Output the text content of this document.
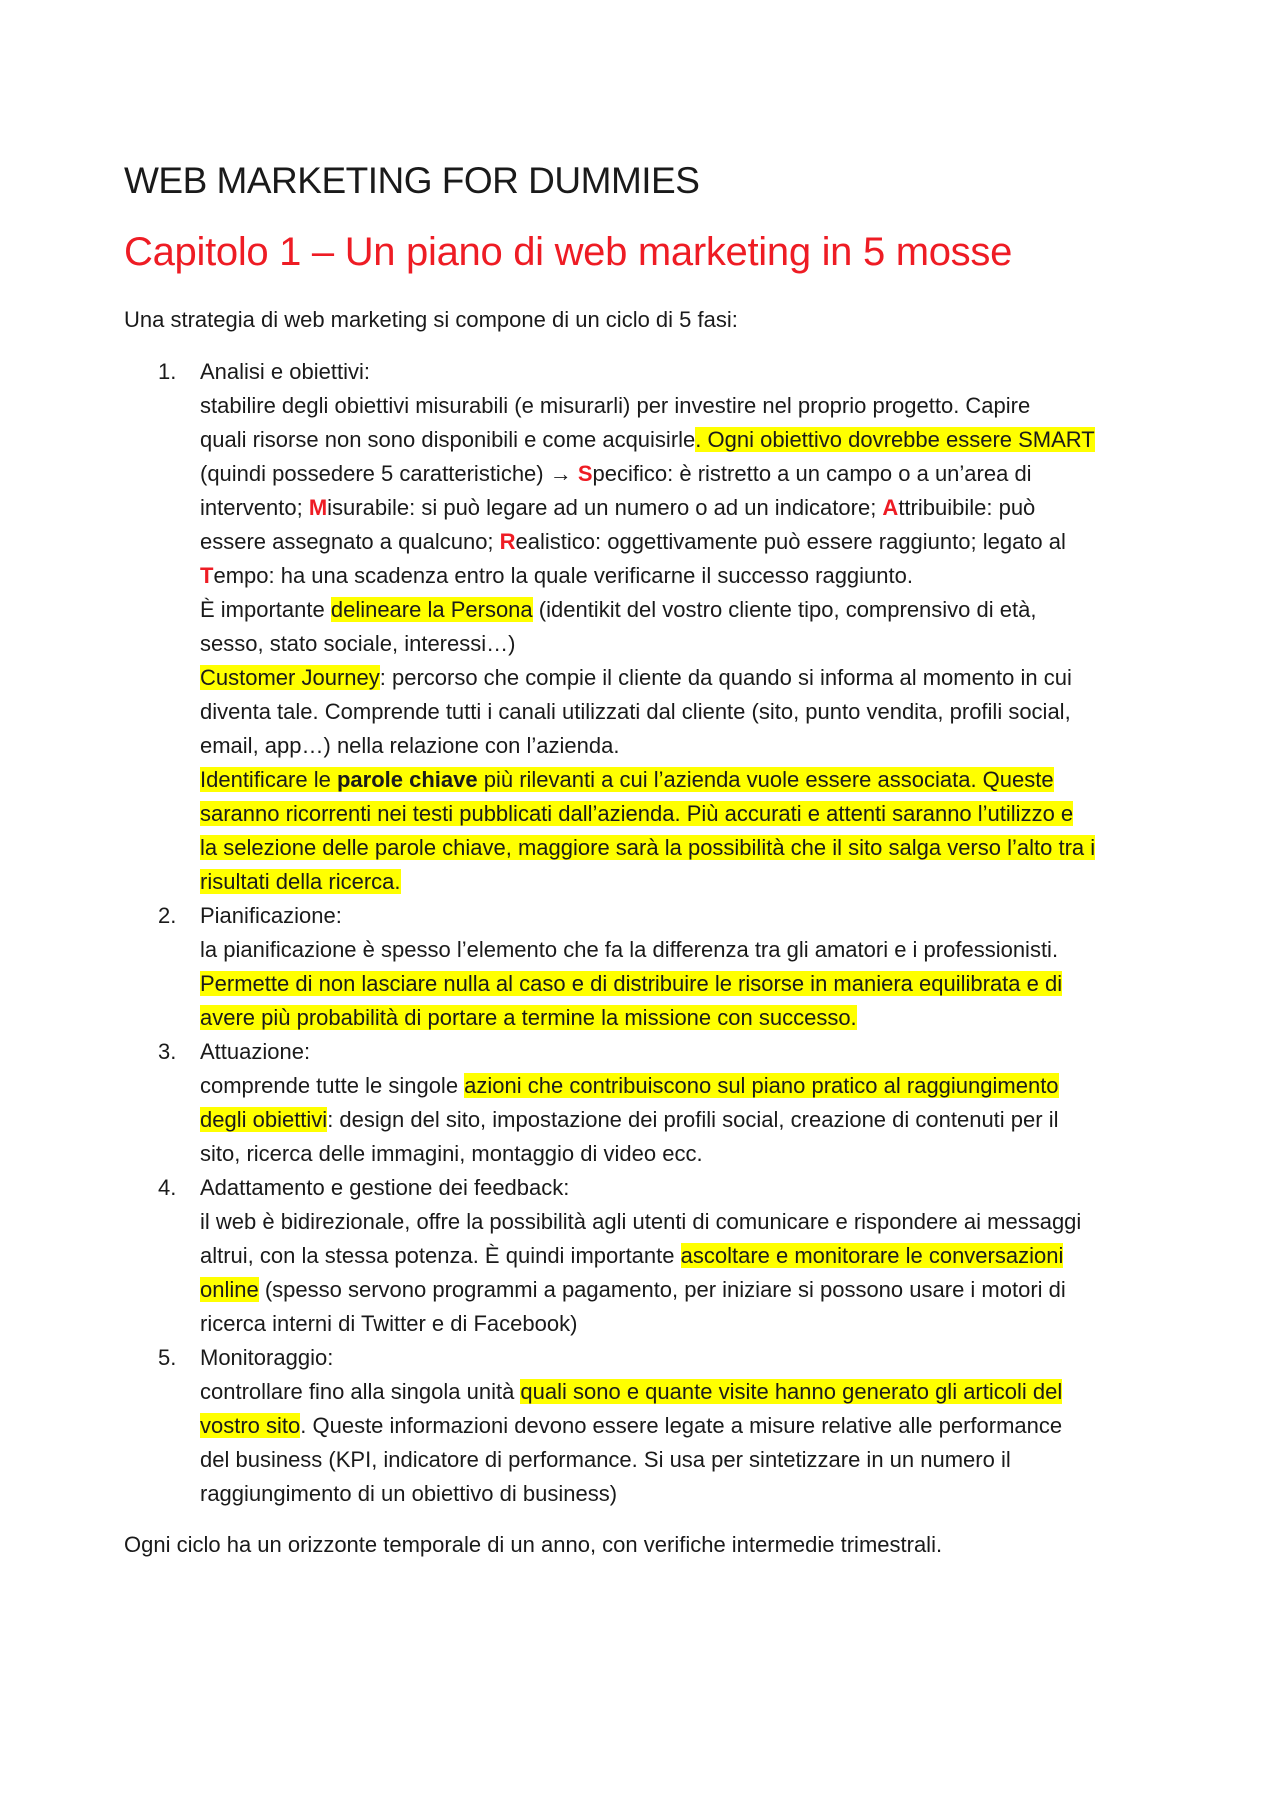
WEB MARKETING FOR DUMMIES
Capitolo 1 – Un piano di web marketing in 5 mosse

Una strategia di web marketing si compone di un ciclo di 5 fasi:

1. Analisi e obiettivi:
stabilire degli obiettivi misurabili (e misurarli) per investire nel proprio progetto. Capire
quali risorse non sono disponibili e come acquisirle. Ogni obiettivo dovrebbe essere SMART
(quindi possedere 5 caratteristiche) → Specifico: è ristretto a un campo o a un’area di
intervento; Misurabile: si può legare ad un numero o ad un indicatore; Attribuibile: può
essere assegnato a qualcuno; Realistico: oggettivamente può essere raggiunto; legato al
Tempo: ha una scadenza entro la quale verificarne il successo raggiunto.
È importante delineare la Persona (identikit del vostro cliente tipo, comprensivo di età,
sesso, stato sociale, interessi…)
Customer Journey: percorso che compie il cliente da quando si informa al momento in cui
diventa tale. Comprende tutti i canali utilizzati dal cliente (sito, punto vendita, profili social,
email, app…) nella relazione con l’azienda.
Identificare le parole chiave più rilevanti a cui l’azienda vuole essere associata. Queste
saranno ricorrenti nei testi pubblicati dall’azienda. Più accurati e attenti saranno l’utilizzo e
la selezione delle parole chiave, maggiore sarà la possibilità che il sito salga verso l’alto tra i
risultati della ricerca.
2. Pianificazione:
la pianificazione è spesso l’elemento che fa la differenza tra gli amatori e i professionisti.
Permette di non lasciare nulla al caso e di distribuire le risorse in maniera equilibrata e di
avere più probabilità di portare a termine la missione con successo.
3. Attuazione:
comprende tutte le singole azioni che contribuiscono sul piano pratico al raggiungimento
degli obiettivi: design del sito, impostazione dei profili social, creazione di contenuti per il
sito, ricerca delle immagini, montaggio di video ecc.
4. Adattamento e gestione dei feedback:
il web è bidirezionale, offre la possibilità agli utenti di comunicare e rispondere ai messaggi
altrui, con la stessa potenza. È quindi importante ascoltare e monitorare le conversazioni
online (spesso servono programmi a pagamento, per iniziare si possono usare i motori di
ricerca interni di Twitter e di Facebook)
5. Monitoraggio:
controllare fino alla singola unità quali sono e quante visite hanno generato gli articoli del
vostro sito. Queste informazioni devono essere legate a misure relative alle performance
del business (KPI, indicatore di performance. Si usa per sintetizzare in un numero il
raggiungimento di un obiettivo di business)

Ogni ciclo ha un orizzonte temporale di un anno, con verifiche intermedie trimestrali.
